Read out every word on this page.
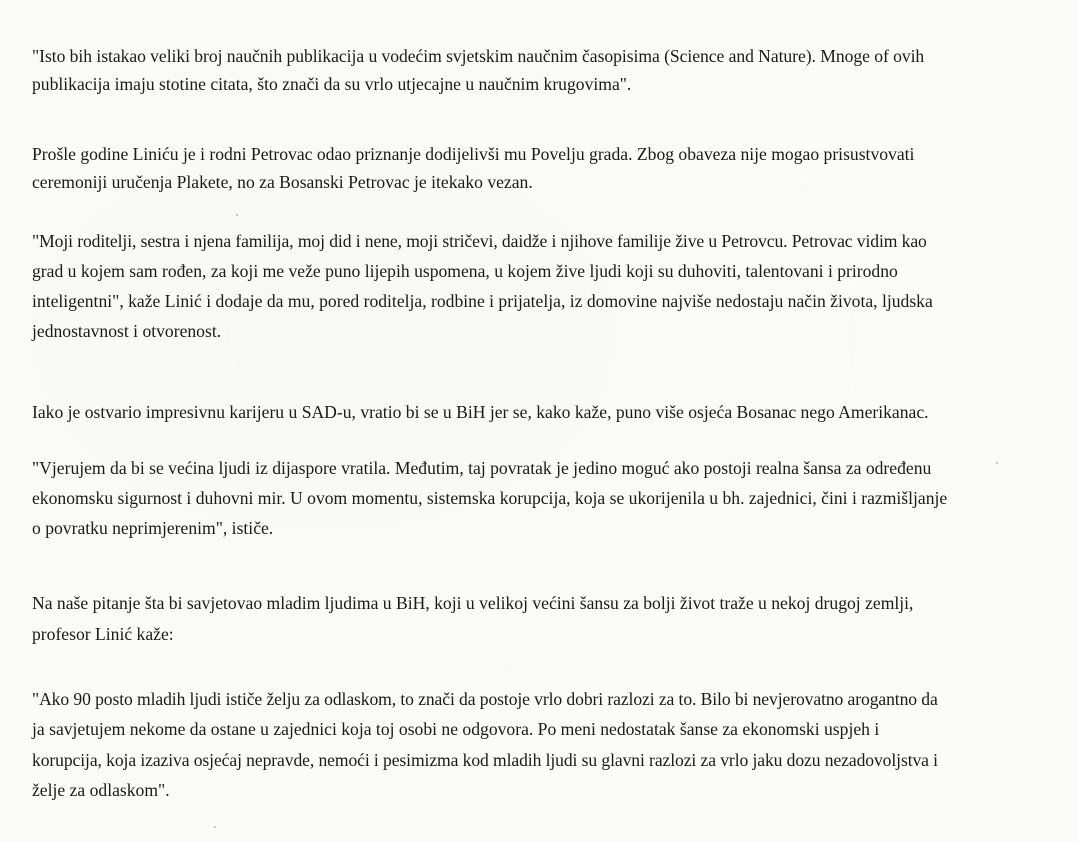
"Isto bih istakao veliki broj naučnih publikacija u vodećim svjetskim naučnim časopisima (Science and Nature). Mnoge of ovih
publikacija imaju stotine citata, što znači da su vrlo utjecajne u naučnim krugovima".
Prošle godine Liniću je i rodni Petrovac odao priznanje dodijelivši mu Povelju grada. Zbog obaveza nije mogao prisustvovati
ceremoniji uručenja Plakete, no za Bosanski Petrovac je itekako vezan.
"Moji roditelji, sestra i njena familija, moj did i nene, moji stričevi, daidže i njihove familije žive u Petrovcu. Petrovac vidim kao
grad u kojem sam rođen, za koji me veže puno lijepih uspomena, u kojem žive ljudi koji su duhoviti, talentovani i prirodno
inteligentni", kaže Linić i dodaje da mu, pored roditelja, rodbine i prijatelja, iz domovine najviše nedostaju način života, ljudska
jednostavnost i otvorenost.
Iako je ostvario impresivnu karijeru u SAD-u, vratio bi se u BiH jer se, kako kaže, puno više osjeća Bosanac nego Amerikanac.
"Vjerujem da bi se većina ljudi iz dijaspore vratila. Međutim, taj povratak je jedino moguć ako postoji realna šansa za određenu
ekonomsku sigurnost i duhovni mir. U ovom momentu, sistemska korupcija, koja se ukorijenila u bh. zajednici, čini i razmišljanje
o povratku neprimjerenim", ističe.
Na naše pitanje šta bi savjetovao mladim ljudima u BiH, koji u velikoj većini šansu za bolji život traže u nekoj drugoj zemlji,
profesor Linić kaže:
"Ako 90 posto mladih ljudi ističe želju za odlaskom, to znači da postoje vrlo dobri razlozi za to. Bilo bi nevjerovatno arogantno da
ja savjetujem nekome da ostane u zajednici koja toj osobi ne odgovora. Po meni nedostatak šanse za ekonomski uspjeh i
korupcija, koja izaziva osjećaj nepravde, nemoći i pesimizma kod mladih ljudi su glavni razlozi za vrlo jaku dozu nezadovoljstva i
želje za odlaskom".
